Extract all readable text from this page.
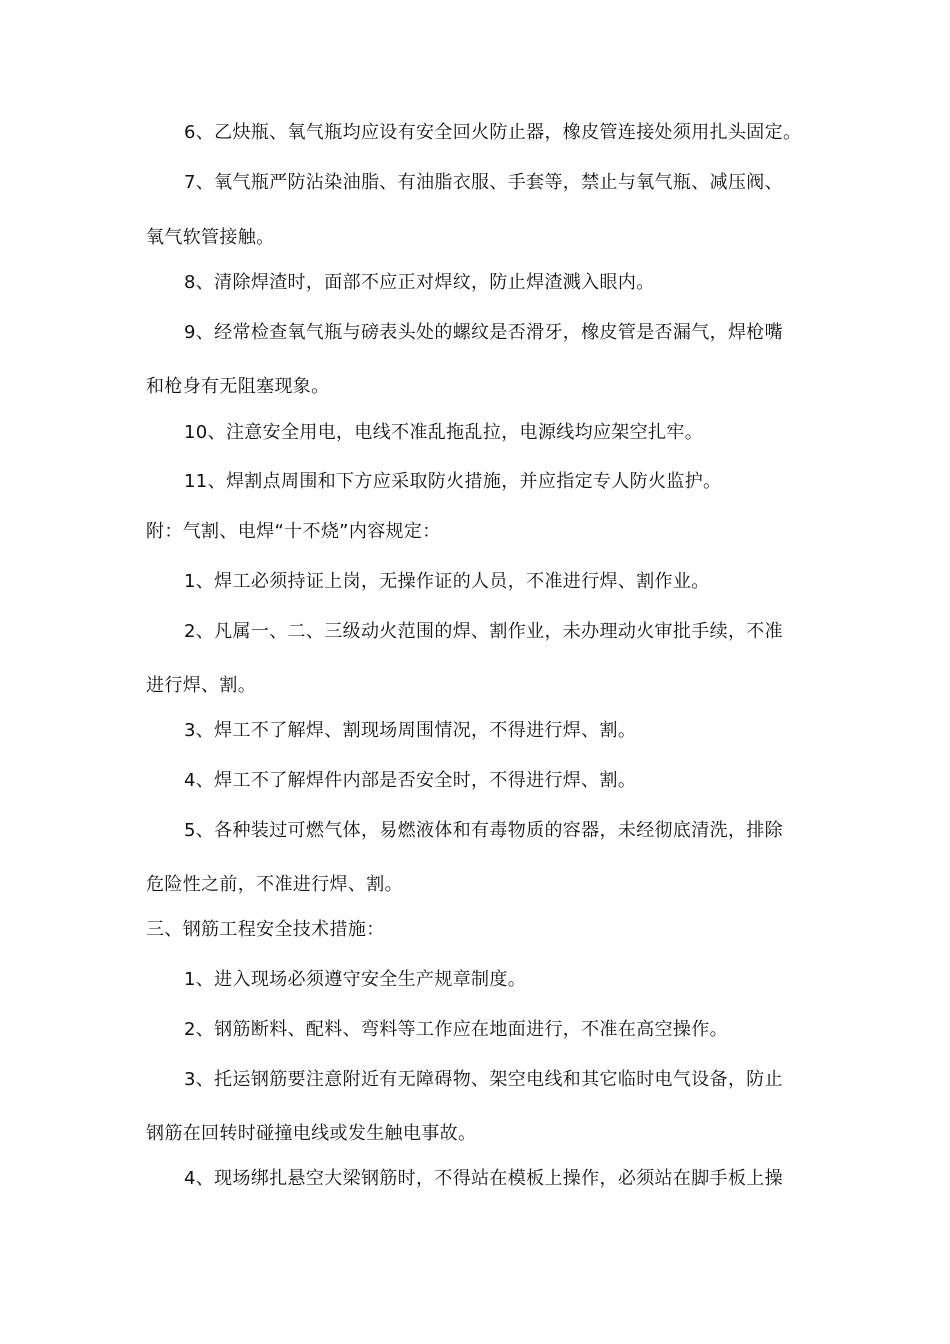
6、乙炔瓶、氧气瓶均应设有安全回火防止器，橡皮管连接处须用扎头固定。
7、氧气瓶严防沾染油脂、有油脂衣服、手套等，禁止与氧气瓶、减压阀、
氧气软管接触。
8、清除焊渣时，面部不应正对焊纹，防止焊渣溅入眼内。
9、经常检查氧气瓶与磅表头处的螺纹是否滑牙，橡皮管是否漏气，焊枪嘴
和枪身有无阻塞现象。
10、注意安全用电，电线不准乱拖乱拉，电源线均应架空扎牢。
11、焊割点周围和下方应采取防火措施，并应指定专人防火监护。
附：气割、电焊“十不烧”内容规定：
1、焊工必须持证上岗，无操作证的人员，不准进行焊、割作业。
2、凡属一、二、三级动火范围的焊、割作业，未办理动火审批手续，不准
进行焊、割。
3、焊工不了解焊、割现场周围情况，不得进行焊、割。
4、焊工不了解焊件内部是否安全时，不得进行焊、割。
5、各种装过可燃气体，易燃液体和有毒物质的容器，未经彻底清洗，排除
危险性之前，不准进行焊、割。
三、钢筋工程安全技术措施：
1、进入现场必须遵守安全生产规章制度。
2、钢筋断料、配料、弯料等工作应在地面进行，不准在高空操作。
3、托运钢筋要注意附近有无障碍物、架空电线和其它临时电气设备，防止
钢筋在回转时碰撞电线或发生触电事故。
4、现场绑扎悬空大梁钢筋时，不得站在模板上操作，必须站在脚手板上操
